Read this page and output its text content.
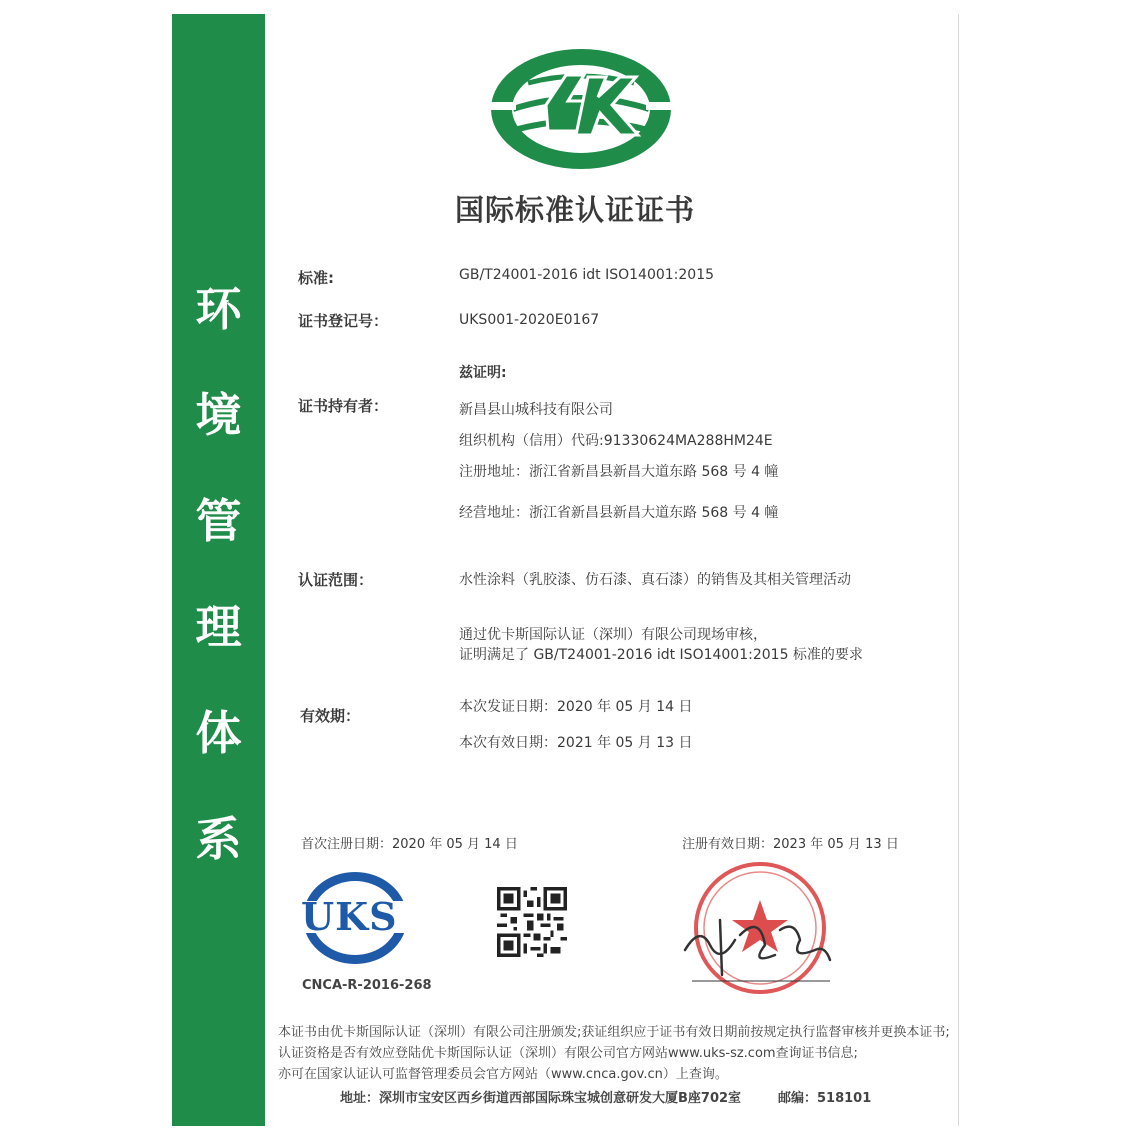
环
境
管
理
体
系
国际标准认证证书
标准:	GB/T24001-2016 idt ISO14001:2015
证书登记号：	UKS001-2020E0167
兹证明:
证书持有者：	新昌县山城科技有限公司
组织机构（信用）代码:91330624MA288HM24E
注册地址：浙江省新昌县新昌大道东路 568 号 4 幢
经营地址：浙江省新昌县新昌大道东路 568 号 4 幢
认证范围：	水性涂料（乳胶漆、仿石漆、真石漆）的销售及其相关管理活动
通过优卡斯国际认证（深圳）有限公司现场审核，
证明满足了 GB/T24001-2016 idt ISO14001:2015 标准的要求
有效期：	本次发证日期：2020 年 05 月 14 日
本次有效日期：2021 年 05 月 13 日
首次注册日期：2020 年 05 月 14 日	注册有效日期：2023 年 05 月 13 日
UKS
CNCA-R-2016-268
本证书由优卡斯国际认证（深圳）有限公司注册颁发;获证组织应于证书有效日期前按规定执行监督审核并更换本证书;
认证资格是否有效应登陆优卡斯国际认证（深圳）有限公司官方网站www.uks-sz.com查询证书信息;
亦可在国家认证认可监督管理委员会官方网站（www.cnca.gov.cn）上查询。
地址：深圳市宝安区西乡街道西部国际珠宝城创意研发大厦B座702室	邮编：518101
